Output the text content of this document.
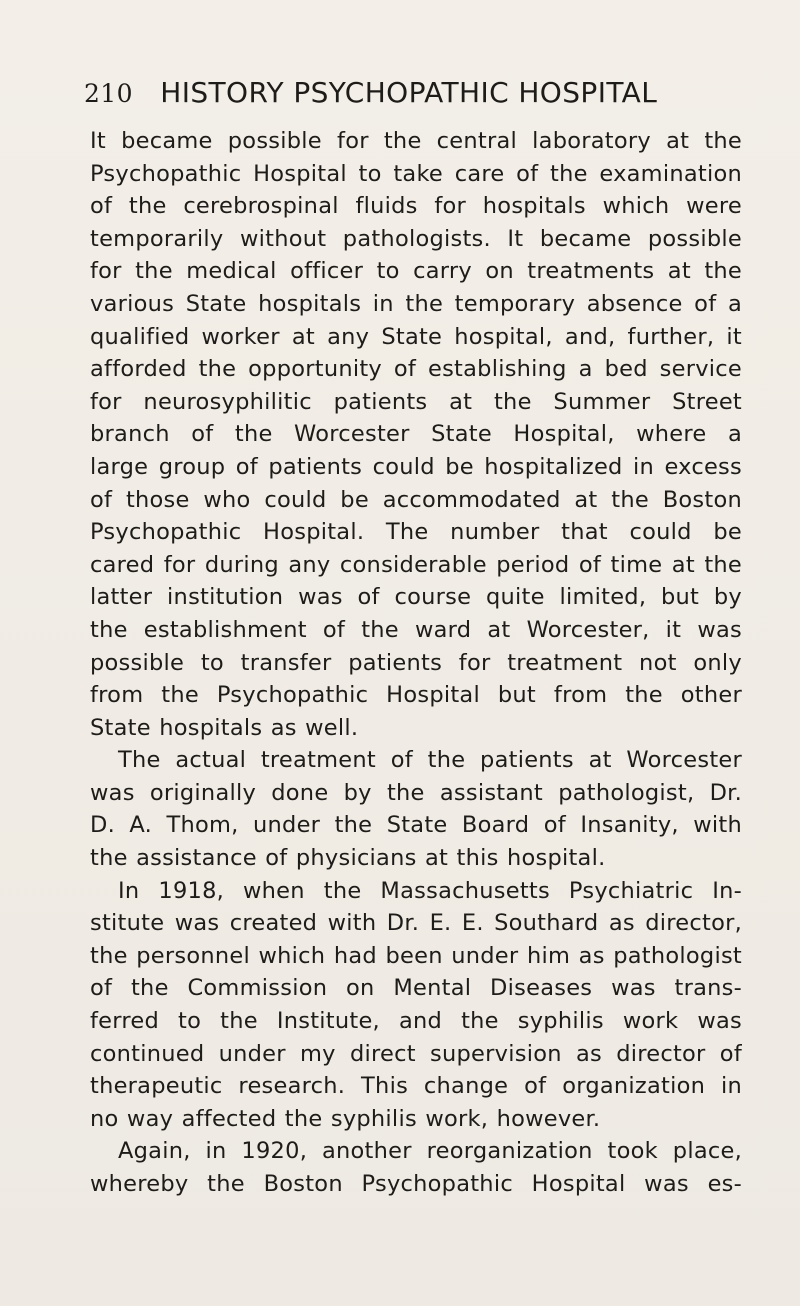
210 HISTORY PSYCHOPATHIC HOSPITAL
It became possible for the central laboratory at the
Psychopathic Hospital to take care of the examination
of the cerebrospinal fluids for hospitals which were
temporarily without pathologists. It became possible
for the medical officer to carry on treatments at the
various State hospitals in the temporary absence of a
qualified worker at any State hospital, and, further, it
afforded the opportunity of establishing a bed service
for neurosyphilitic patients at the Summer Street
branch of the Worcester State Hospital, where a
large group of patients could be hospitalized in excess
of those who could be accommodated at the Boston
Psychopathic Hospital. The number that could be
cared for during any considerable period of time at the
latter institution was of course quite limited, but by
the establishment of the ward at Worcester, it was
possible to transfer patients for treatment not only
from the Psychopathic Hospital but from the other
State hospitals as well.
The actual treatment of the patients at Worcester
was originally done by the assistant pathologist, Dr.
D. A. Thom, under the State Board of Insanity, with
the assistance of physicians at this hospital.
In 1918, when the Massachusetts Psychiatric In-
stitute was created with Dr. E. E. Southard as director,
the personnel which had been under him as pathologist
of the Commission on Mental Diseases was trans-
ferred to the Institute, and the syphilis work was
continued under my direct supervision as director of
therapeutic research. This change of organization in
no way affected the syphilis work, however.
Again, in 1920, another reorganization took place,
whereby the Boston Psychopathic Hospital was es-
